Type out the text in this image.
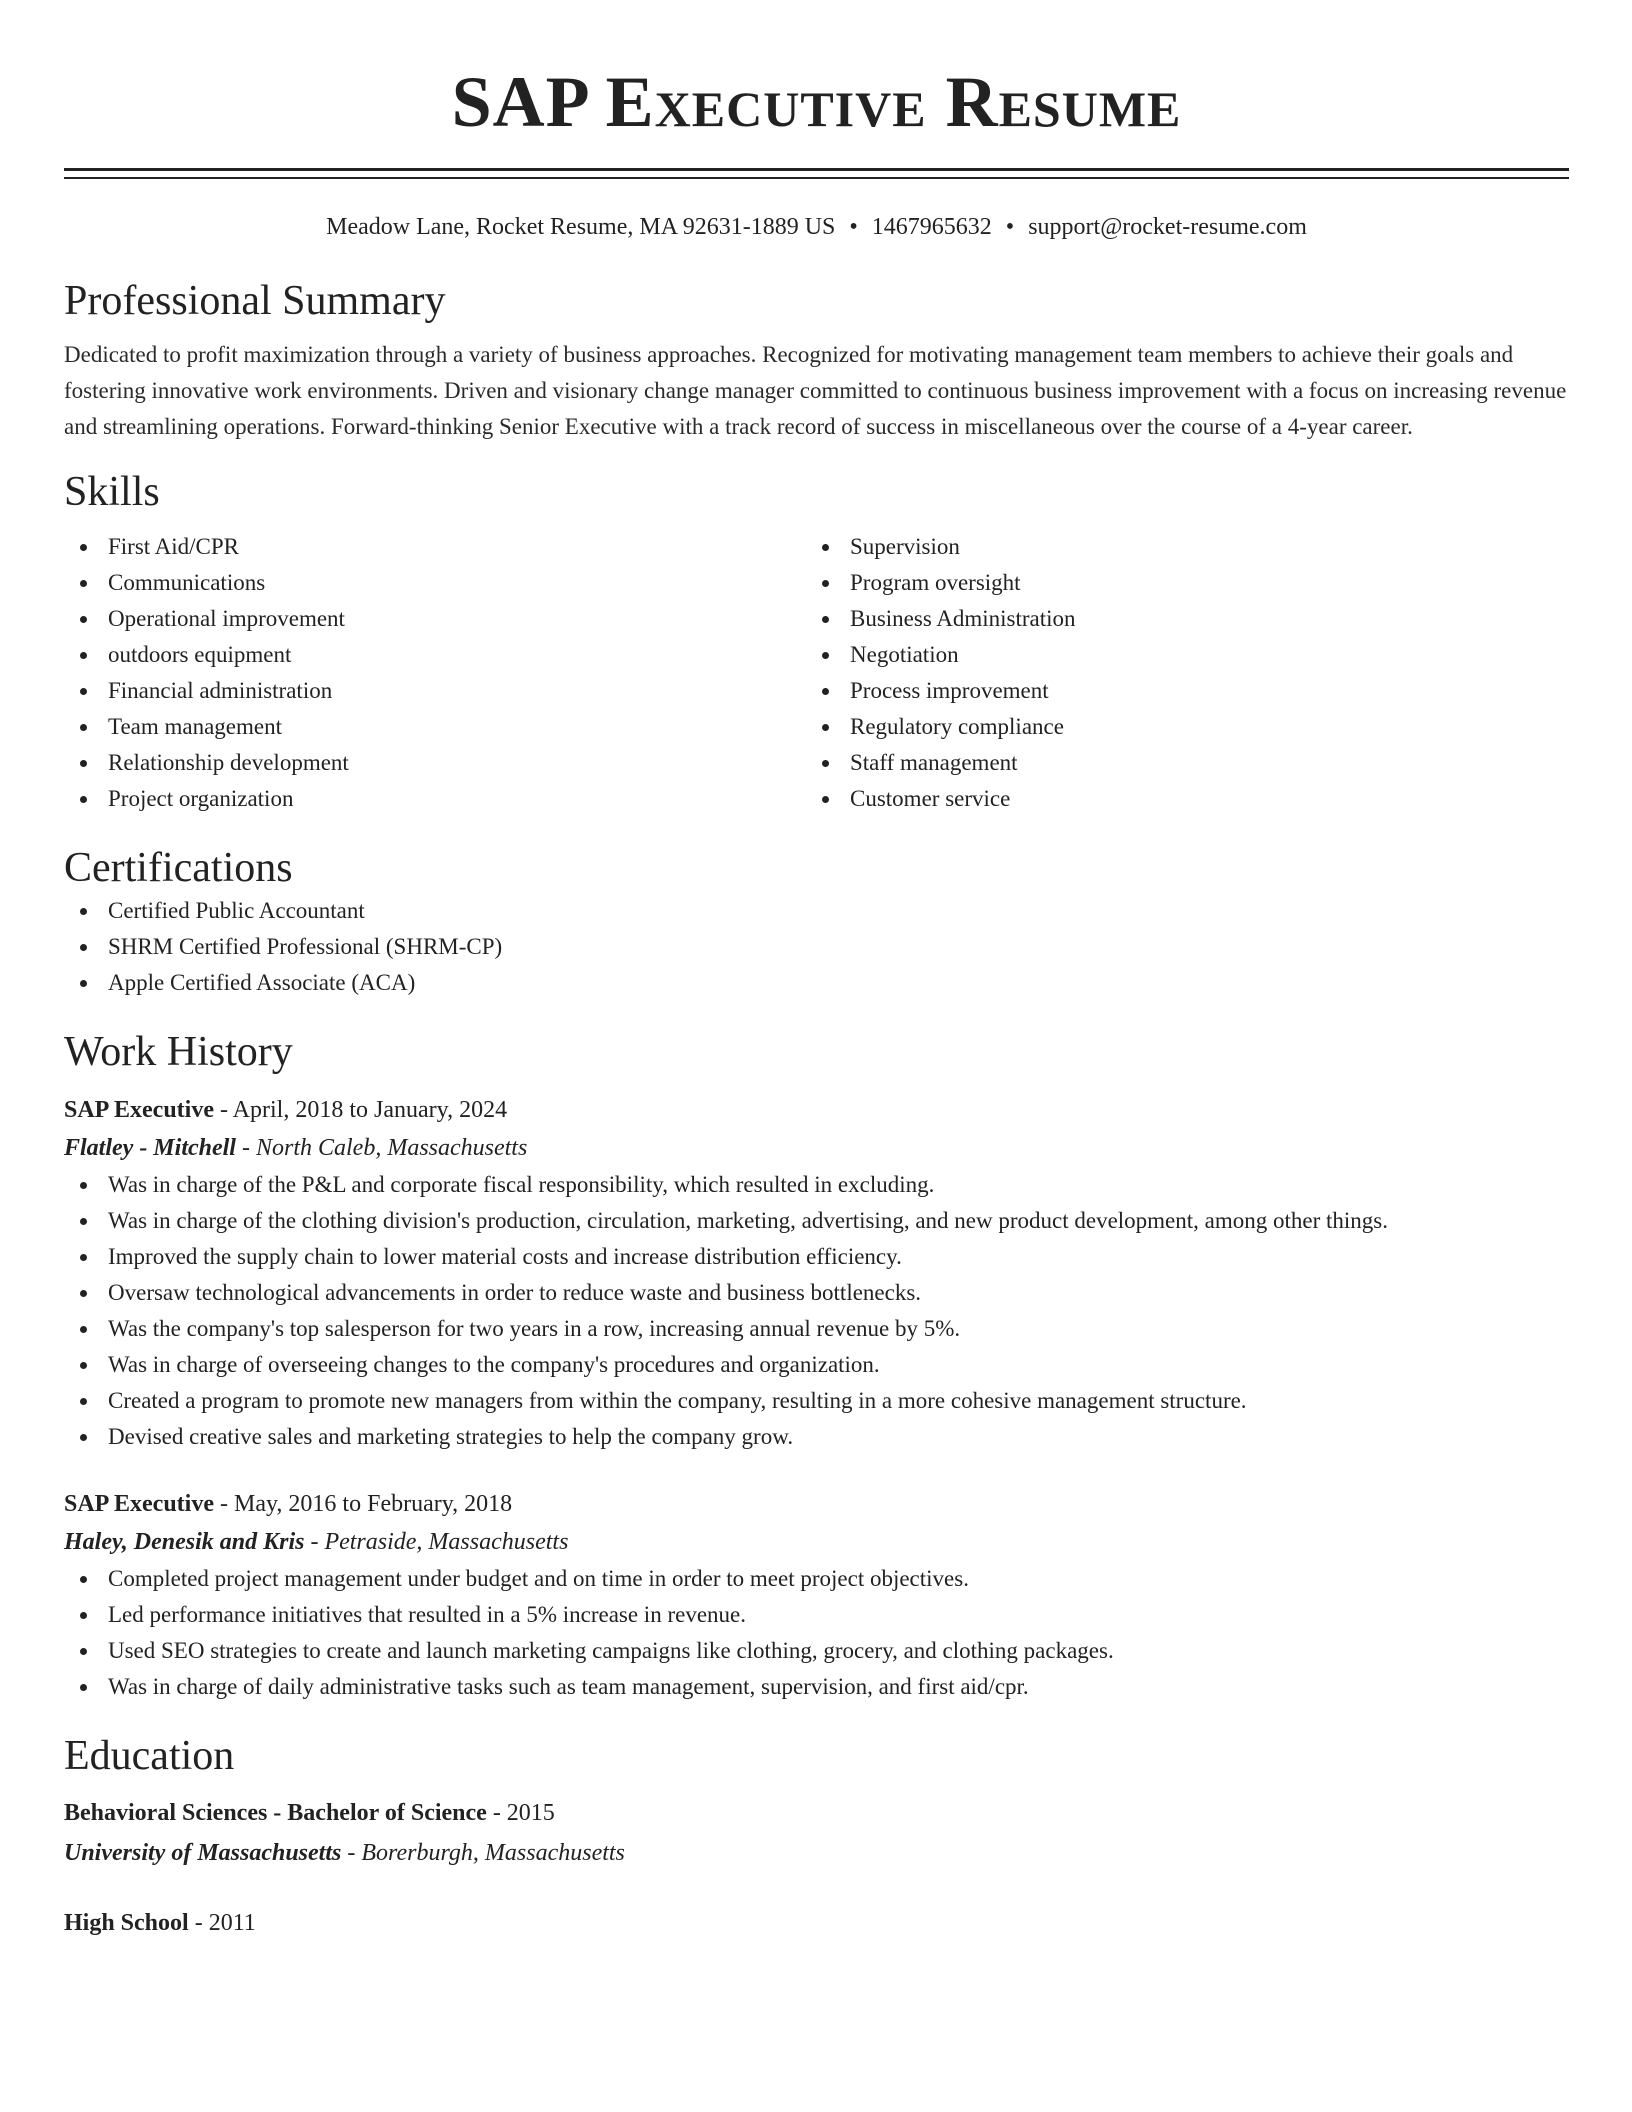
SAP Executive Resume
Meadow Lane, Rocket Resume, MA 92631-1889 US • 1467965632 • support@rocket-resume.com
Professional Summary
Dedicated to profit maximization through a variety of business approaches. Recognized for motivating management team members to achieve their goals and fostering innovative work environments. Driven and visionary change manager committed to continuous business improvement with a focus on increasing revenue and streamlining operations. Forward-thinking Senior Executive with a track record of success in miscellaneous over the course of a 4-year career.
Skills
First Aid/CPR
Communications
Operational improvement
outdoors equipment
Financial administration
Team management
Relationship development
Project organization
Supervision
Program oversight
Business Administration
Negotiation
Process improvement
Regulatory compliance
Staff management
Customer service
Certifications
Certified Public Accountant
SHRM Certified Professional (SHRM-CP)
Apple Certified Associate (ACA)
Work History
SAP Executive - April, 2018 to January, 2024
Flatley - Mitchell - North Caleb, Massachusetts
Was in charge of the P&L and corporate fiscal responsibility, which resulted in excluding.
Was in charge of the clothing division's production, circulation, marketing, advertising, and new product development, among other things.
Improved the supply chain to lower material costs and increase distribution efficiency.
Oversaw technological advancements in order to reduce waste and business bottlenecks.
Was the company's top salesperson for two years in a row, increasing annual revenue by 5%.
Was in charge of overseeing changes to the company's procedures and organization.
Created a program to promote new managers from within the company, resulting in a more cohesive management structure.
Devised creative sales and marketing strategies to help the company grow.
SAP Executive - May, 2016 to February, 2018
Haley, Denesik and Kris - Petraside, Massachusetts
Completed project management under budget and on time in order to meet project objectives.
Led performance initiatives that resulted in a 5% increase in revenue.
Used SEO strategies to create and launch marketing campaigns like clothing, grocery, and clothing packages.
Was in charge of daily administrative tasks such as team management, supervision, and first aid/cpr.
Education
Behavioral Sciences - Bachelor of Science - 2015
University of Massachusetts - Borerburgh, Massachusetts
High School - 2011
